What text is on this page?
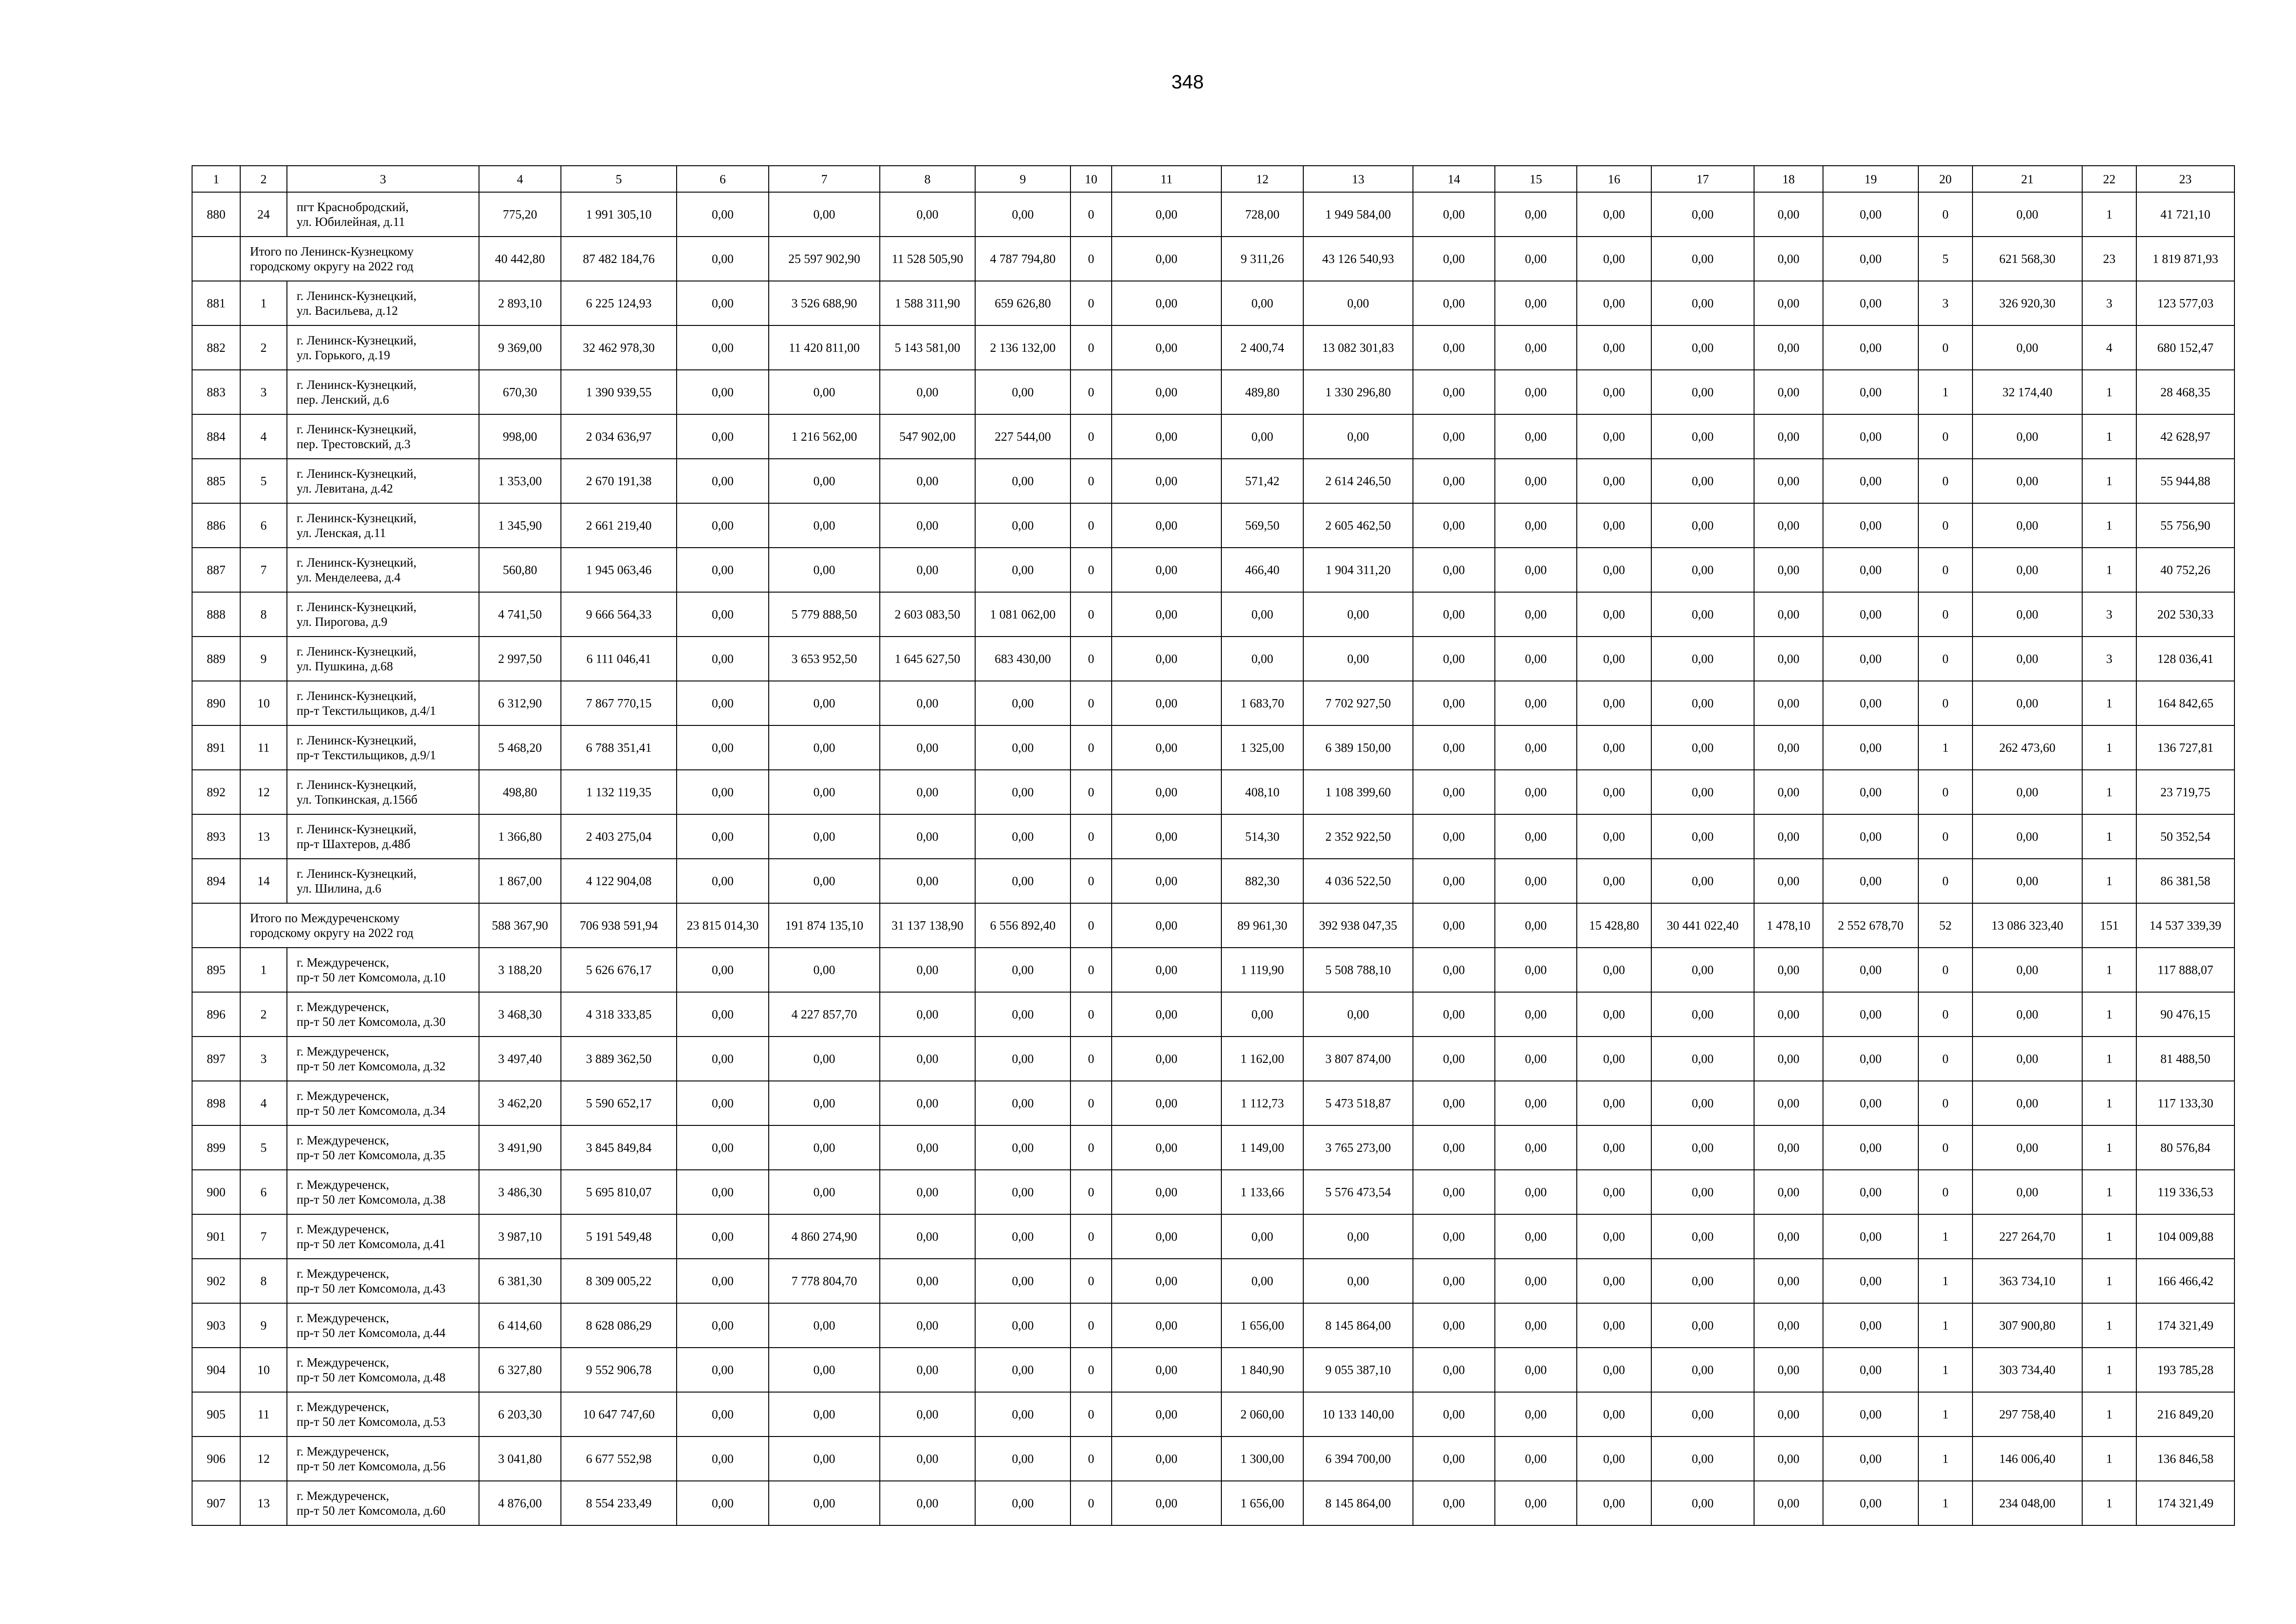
348
1	2	3	4	5	6	7	8	9	10	11	12	13	14	15	16	17	18	19	20	21	22	23
880	24	пгт Краснобродский,
ул. Юбилейная, д.11	775,20	1 991 305,10	0,00	0,00	0,00	0,00	0	0,00	728,00	1 949 584,00	0,00	0,00	0,00	0,00	0,00	0,00	0	0,00	1	41 721,10

	Итого по Ленинск-Кузнецкому
городскому округу на 2022 год		40 442,80	87 482 184,76	0,00	25 597 902,90	11 528 505,90	4 787 794,80	0	0,00	9 311,26	43 126 540,93	0,00	0,00	0,00	0,00	0,00	0,00	5	621 568,30	23	1 819 871,93
881	1	г. Ленинск-Кузнецкий,
ул. Васильева, д.12	2 893,10	6 225 124,93	0,00	3 526 688,90	1 588 311,90	659 626,80	0	0,00	0,00	0,00	0,00	0,00	0,00	0,00	0,00	0,00	3	326 920,30	3	123 577,03
882	2	г. Ленинск-Кузнецкий,
ул. Горького, д.19	9 369,00	32 462 978,30	0,00	11 420 811,00	5 143 581,00	2 136 132,00	0	0,00	2 400,74	13 082 301,83	0,00	0,00	0,00	0,00	0,00	0,00	0	0,00	4	680 152,47
883	3	г. Ленинск-Кузнецкий,
пер. Ленский, д.6	670,30	1 390 939,55	0,00	0,00	0,00	0,00	0	0,00	489,80	1 330 296,80	0,00	0,00	0,00	0,00	0,00	0,00	1	32 174,40	1	28 468,35
884	4	г. Ленинск-Кузнецкий,
пер. Трестовский, д.3	998,00	2 034 636,97	0,00	1 216 562,00	547 902,00	227 544,00	0	0,00	0,00	0,00	0,00	0,00	0,00	0,00	0,00	0,00	0	0,00	1	42 628,97
885	5	г. Ленинск-Кузнецкий,
ул. Левитана, д.42	1 353,00	2 670 191,38	0,00	0,00	0,00	0,00	0	0,00	571,42	2 614 246,50	0,00	0,00	0,00	0,00	0,00	0,00	0	0,00	1	55 944,88
886	6	г. Ленинск-Кузнецкий,
ул. Ленская, д.11	1 345,90	2 661 219,40	0,00	0,00	0,00	0,00	0	0,00	569,50	2 605 462,50	0,00	0,00	0,00	0,00	0,00	0,00	0	0,00	1	55 756,90
887	7	г. Ленинск-Кузнецкий,
ул. Менделеева, д.4	560,80	1 945 063,46	0,00	0,00	0,00	0,00	0	0,00	466,40	1 904 311,20	0,00	0,00	0,00	0,00	0,00	0,00	0	0,00	1	40 752,26
888	8	г. Ленинск-Кузнецкий,
ул. Пирогова, д.9	4 741,50	9 666 564,33	0,00	5 779 888,50	2 603 083,50	1 081 062,00	0	0,00	0,00	0,00	0,00	0,00	0,00	0,00	0,00	0,00	0	0,00	3	202 530,33
889	9	г. Ленинск-Кузнецкий,
ул. Пушкина, д.68	2 997,50	6 111 046,41	0,00	3 653 952,50	1 645 627,50	683 430,00	0	0,00	0,00	0,00	0,00	0,00	0,00	0,00	0,00	0,00	0	0,00	3	128 036,41
890	10	г. Ленинск-Кузнецкий,
пр-т Текстильщиков, д.4/1	6 312,90	7 867 770,15	0,00	0,00	0,00	0,00	0	0,00	1 683,70	7 702 927,50	0,00	0,00	0,00	0,00	0,00	0,00	0	0,00	1	164 842,65
891	11	г. Ленинск-Кузнецкий,
пр-т Текстильщиков, д.9/1	5 468,20	6 788 351,41	0,00	0,00	0,00	0,00	0	0,00	1 325,00	6 389 150,00	0,00	0,00	0,00	0,00	0,00	0,00	1	262 473,60	1	136 727,81
892	12	г. Ленинск-Кузнецкий,
ул. Топкинская, д.156б	498,80	1 132 119,35	0,00	0,00	0,00	0,00	0	0,00	408,10	1 108 399,60	0,00	0,00	0,00	0,00	0,00	0,00	0	0,00	1	23 719,75
893	13	г. Ленинск-Кузнецкий,
пр-т Шахтеров, д.48б	1 366,80	2 403 275,04	0,00	0,00	0,00	0,00	0	0,00	514,30	2 352 922,50	0,00	0,00	0,00	0,00	0,00	0,00	0	0,00	1	50 352,54
894	14	г. Ленинск-Кузнецкий,
ул. Шилина, д.6	1 867,00	4 122 904,08	0,00	0,00	0,00	0,00	0	0,00	882,30	4 036 522,50	0,00	0,00	0,00	0,00	0,00	0,00	0	0,00	1	86 381,58

	Итого по Междуреченскому
городскому округу на 2022 год		588 367,90	706 938 591,94	23 815 014,30	191 874 135,10	31 137 138,90	6 556 892,40	0	0,00	89 961,30	392 938 047,35	0,00	0,00	15 428,80	30 441 022,40	1 478,10	2 552 678,70	52	13 086 323,40	151	14 537 339,39
895	1	г. Междуреченск,
пр-т 50 лет Комсомола, д.10	3 188,20	5 626 676,17	0,00	0,00	0,00	0,00	0	0,00	1 119,90	5 508 788,10	0,00	0,00	0,00	0,00	0,00	0,00	0	0,00	1	117 888,07
896	2	г. Междуреченск,
пр-т 50 лет Комсомола, д.30	3 468,30	4 318 333,85	0,00	4 227 857,70	0,00	0,00	0	0,00	0,00	0,00	0,00	0,00	0,00	0,00	0,00	0,00	0	0,00	1	90 476,15
897	3	г. Междуреченск,
пр-т 50 лет Комсомола, д.32	3 497,40	3 889 362,50	0,00	0,00	0,00	0,00	0	0,00	1 162,00	3 807 874,00	0,00	0,00	0,00	0,00	0,00	0,00	0	0,00	1	81 488,50
898	4	г. Междуреченск,
пр-т 50 лет Комсомола, д.34	3 462,20	5 590 652,17	0,00	0,00	0,00	0,00	0	0,00	1 112,73	5 473 518,87	0,00	0,00	0,00	0,00	0,00	0,00	0	0,00	1	117 133,30
899	5	г. Междуреченск,
пр-т 50 лет Комсомола, д.35	3 491,90	3 845 849,84	0,00	0,00	0,00	0,00	0	0,00	1 149,00	3 765 273,00	0,00	0,00	0,00	0,00	0,00	0,00	0	0,00	1	80 576,84
900	6	г. Междуреченск,
пр-т 50 лет Комсомола, д.38	3 486,30	5 695 810,07	0,00	0,00	0,00	0,00	0	0,00	1 133,66	5 576 473,54	0,00	0,00	0,00	0,00	0,00	0,00	0	0,00	1	119 336,53
901	7	г. Междуреченск,
пр-т 50 лет Комсомола, д.41	3 987,10	5 191 549,48	0,00	4 860 274,90	0,00	0,00	0	0,00	0,00	0,00	0,00	0,00	0,00	0,00	0,00	0,00	1	227 264,70	1	104 009,88
902	8	г. Междуреченск,
пр-т 50 лет Комсомола, д.43	6 381,30	8 309 005,22	0,00	7 778 804,70	0,00	0,00	0	0,00	0,00	0,00	0,00	0,00	0,00	0,00	0,00	0,00	1	363 734,10	1	166 466,42
903	9	г. Междуреченск,
пр-т 50 лет Комсомола, д.44	6 414,60	8 628 086,29	0,00	0,00	0,00	0,00	0	0,00	1 656,00	8 145 864,00	0,00	0,00	0,00	0,00	0,00	0,00	1	307 900,80	1	174 321,49
904	10	г. Междуреченск,
пр-т 50 лет Комсомола, д.48	6 327,80	9 552 906,78	0,00	0,00	0,00	0,00	0	0,00	1 840,90	9 055 387,10	0,00	0,00	0,00	0,00	0,00	0,00	1	303 734,40	1	193 785,28
905	11	г. Междуреченск,
пр-т 50 лет Комсомола, д.53	6 203,30	10 647 747,60	0,00	0,00	0,00	0,00	0	0,00	2 060,00	10 133 140,00	0,00	0,00	0,00	0,00	0,00	0,00	1	297 758,40	1	216 849,20
906	12	г. Междуреченск,
пр-т 50 лет Комсомола, д.56	3 041,80	6 677 552,98	0,00	0,00	0,00	0,00	0	0,00	1 300,00	6 394 700,00	0,00	0,00	0,00	0,00	0,00	0,00	1	146 006,40	1	136 846,58
907	13	г. Междуреченск,
пр-т 50 лет Комсомола, д.60	4 876,00	8 554 233,49	0,00	0,00	0,00	0,00	0	0,00	1 656,00	8 145 864,00	0,00	0,00	0,00	0,00	0,00	0,00	1	234 048,00	1	174 321,49
